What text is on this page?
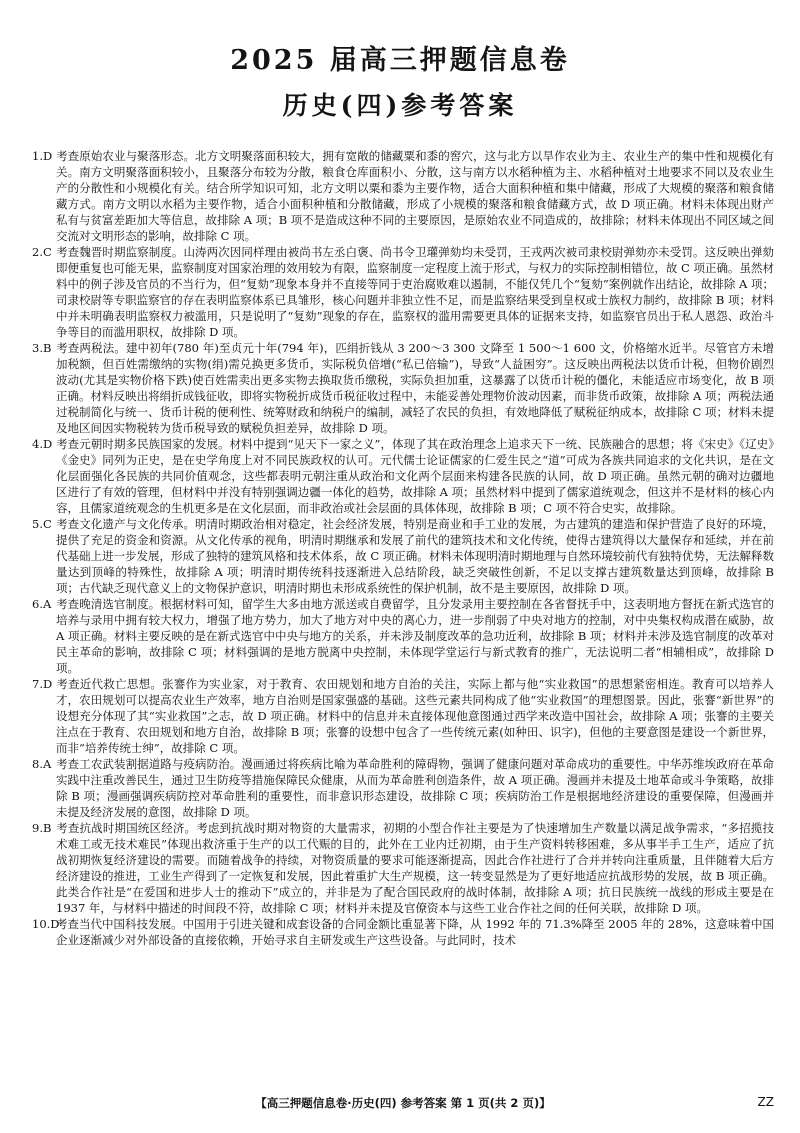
2025 届高三押题信息卷
历史(四)参考答案

1.D 考查原始农业与聚落形态。北方文明聚落面积较大，拥有宽敞的储藏粟和黍的窖穴，这与北方以旱作农业为主、农业生产的集中性和规模化有关。南方文明聚落面积较小，且聚落分布较为分散，粮食仓库面积小、分散，这与南方以水稻种植为主、水稻种植对土地要求不同以及农业生产的分散性和小规模化有关。结合所学知识可知，北方文明以粟和黍为主要作物，适合大面积种植和集中储藏，形成了大规模的聚落和粮食储藏方式。南方文明以水稻为主要作物，适合小面积种植和分散储藏，形成了小规模的聚落和粮食储藏方式，故 D 项正确。材料未体现出财产私有与贫富差距加大等信息，故排除 A 项；B 项不是造成这种不同的主要原因，是原始农业不同造成的，故排除；材料未体现出不同区域之间交流对文明形态的影响，故排除 C 项。

2.C 考查魏晋时期监察制度。山涛两次因同样理由被尚书左丞白褒、尚书令卫瓘弹劾均未受罚，王戎两次被司隶校尉弹劾亦未受罚。这反映出弹劾即便重复也可能无果，监察制度对国家治理的效用较为有限，监察制度一定程度上流于形式，与权力的实际控制相错位，故 C 项正确。虽然材料中的例子涉及官员的不当行为，但“复劾”现象本身并不直接等同于吏治腐败难以遏制，不能仅凭几个“复劾”案例就作出结论，故排除 A 项；司隶校尉等专职监察官的存在表明监察体系已具雏形，核心问题并非独立性不足，而是监察结果受到皇权或士族权力制约，故排除 B 项；材料中并未明确表明监察权力被滥用，只是说明了“复劾”现象的存在，监察权的滥用需要更具体的证据来支持，如监察官员出于私人恩怨、政治斗争等目的而滥用职权，故排除 D 项。

3.B 考查两税法。建中初年(780 年)至贞元十年(794 年)，匹绢折钱从 3 200～3 300 文降至 1 500～1 600 文，价格缩水近半。尽管官方未增加税额，但百姓需缴纳的实物(绢)需兑换更多货币，实际税负倍增(“私已倍输”)，导致“人益困穷”。这反映出两税法以货币计税，但物价剧烈波动(尤其是实物价格下跌)使百姓需卖出更多实物去换取货币缴税，实际负担加重，这暴露了以货币计税的僵化，未能适应市场变化，故 B 项正确。材料反映出将绢折成钱征收，即将实物税折成货币税征收过程中，未能妥善处理物价波动因素，而非货币政策，故排除 A 项；两税法通过税制简化与统一、货币计税的便利性、统筹财政和纳税户的编制，减轻了农民的负担，有效地降低了赋税征纳成本，故排除 C 项；材料未提及地区间因实物税转为货币税导致的赋税负担差异，故排除 D 项。

4.D 考查元朝时期多民族国家的发展。材料中提到“见天下一家之义”，体现了其在政治理念上追求天下一统、民族融合的思想；将《宋史》《辽史》《金史》同列为正史，是在史学角度上对不同民族政权的认可。元代儒士论证儒家的仁爱生民之“道”可成为各族共同追求的文化共识，是在文化层面强化各民族的共同价值观念，这些都表明元朝注重从政治和文化两个层面来构建各民族的认同，故 D 项正确。虽然元朝的确对边疆地区进行了有效的管理，但材料中并没有特别强调边疆一体化的趋势，故排除 A 项；虽然材料中提到了儒家道统观念，但这并不是材料的核心内容，且儒家道统观念的生机更多是在文化层面，而非政治或社会层面的具体体现，故排除 B 项；C 项不符合史实，故排除。

5.C 考查文化遗产与文化传承。明清时期政治相对稳定，社会经济发展，特别是商业和手工业的发展，为古建筑的建造和保护营造了良好的环境，提供了充足的资金和资源。从文化传承的视角，明清时期继承和发展了前代的建筑技术和文化传统，使得古建筑得以大量保存和延续，并在前代基础上进一步发展，形成了独特的建筑风格和技术体系，故 C 项正确。材料未体现明清时期地理与自然环境较前代有独特优势，无法解释数量达到顶峰的特殊性，故排除 A 项；明清时期传统科技逐渐进入总结阶段，缺乏突破性创新，不足以支撑古建筑数量达到顶峰，故排除 B 项；古代缺乏现代意义上的文物保护意识，明清时期也未形成系统性的保护机制，故不是主要原因，故排除 D 项。

6.A 考查晚清选官制度。根据材料可知，留学生大多由地方派送或自费留学，且分发录用主要控制在各省督抚手中，这表明地方督抚在新式选官的培养与录用中拥有较大权力，增强了地方势力，加大了地方对中央的离心力，进一步削弱了中央对地方的控制，对中央集权构成潜在威胁，故 A 项正确。材料主要反映的是在新式选官中中央与地方的关系，并未涉及制度改革的急功近利，故排除 B 项；材料并未涉及选官制度的改革对民主革命的影响，故排除 C 项；材料强调的是地方脱离中央控制，未体现学堂运行与新式教育的推广，无法说明二者“相辅相成”，故排除 D 项。

7.D 考查近代救亡思想。张謇作为实业家，对于教育、农田规划和地方自治的关注，实际上都与他“实业救国”的思想紧密相连。教育可以培养人才，农田规划可以提高农业生产效率，地方自治则是国家强盛的基础。这些元素共同构成了他“实业救国”的理想图景。因此，张謇“新世界”的设想充分体现了其“实业救国”之志，故 D 项正确。材料中的信息并未直接体现他意图通过西学来改造中国社会，故排除 A 项；张謇的主要关注点在于教育、农田规划和地方自治，故排除 B 项；张謇的设想中包含了一些传统元素(如种田、识字)，但他的主要意图是建设一个新世界，而非“培养传统士绅”，故排除 C 项。

8.A 考查工农武装割据道路与疫病防治。漫画通过将疾病比喻为革命胜利的障碍物，强调了健康问题对革命成功的重要性。中华苏维埃政府在革命实践中注重改善民生，通过卫生防疫等措施保障民众健康，从而为革命胜利创造条件，故 A 项正确。漫画并未提及土地革命或斗争策略，故排除 B 项；漫画强调疾病防控对革命胜利的重要性，而非意识形态建设，故排除 C 项；疾病防治工作是根据地经济建设的重要保障，但漫画并未提及经济发展的意图，故排除 D 项。

9.B 考查抗战时期国统区经济。考虑到抗战时期对物资的大量需求，初期的小型合作社主要是为了快速增加生产数量以满足战争需求，“多招揽技术难工或无技术难民”体现出救济重于生产的以工代赈的目的，此外在工业内迁初期，由于生产资料转移困难，多从事半手工生产，适应了抗战初期恢复经济建设的需要。而随着战争的持续，对物资质量的要求可能逐渐提高，因此合作社进行了合并并转向注重质量，且伴随着大后方经济建设的推进，工业生产得到了一定恢复和发展，因此着重扩大生产规模，这一转变显然是为了更好地适应抗战形势的发展，故 B 项正确。此类合作社是“在爱国和进步人士的推动下”成立的，并非是为了配合国民政府的战时体制，故排除 A 项；抗日民族统一战线的形成主要是在 1937 年，与材料中描述的时间段不符，故排除 C 项；材料并未提及官僚资本与这些工业合作社之间的任何关联，故排除 D 项。

10.D考查当代中国科技发展。中国用于引进关键和成套设备的合同金额比重显著下降，从 1992 年的 71.3%降至 2005 年的 28%，这意味着中国企业逐渐减少对外部设备的直接依赖，开始寻求自主研发或生产这些设备。与此同时，技术

【高三押题信息卷·历史(四) 参考答案 第 1 页(共 2 页)】	ZZ
